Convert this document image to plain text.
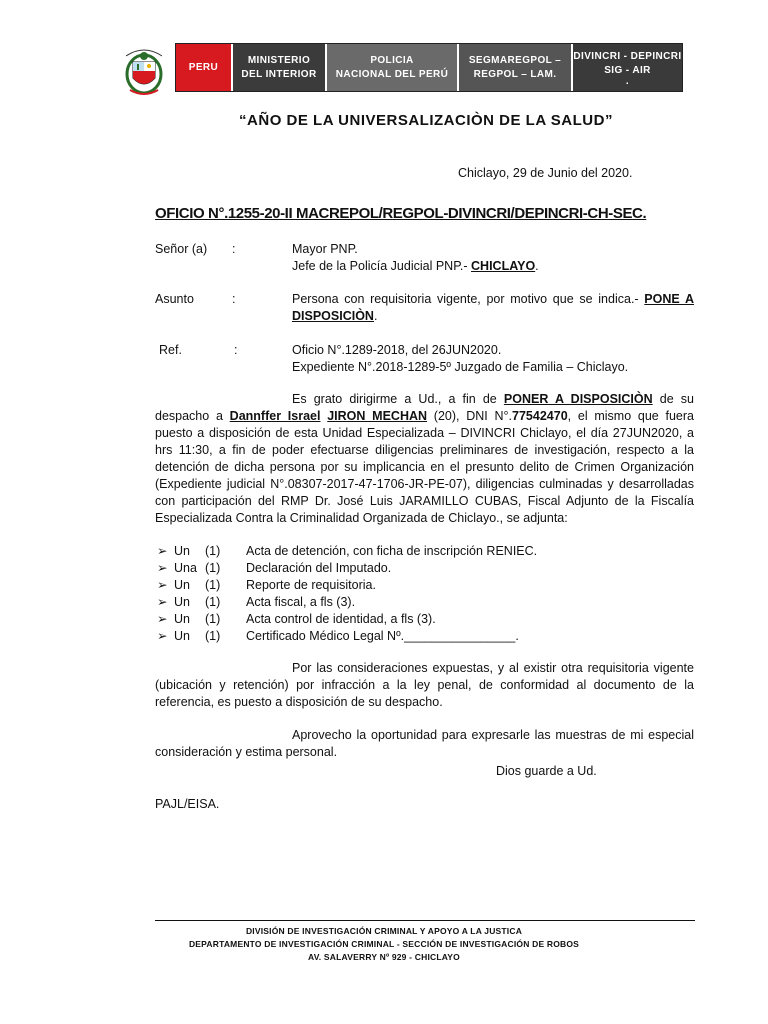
PERU
MINISTERIO
DEL INTERIOR
POLICIA
NACIONAL DEL PERÚ
SEGMAREGPOL –
REGPOL – LAM.
DIVINCRI - DEPINCRI
SIG - AIR
.
“AÑO DE LA UNIVERSALIZACIÒN DE LA SALUD”
Chiclayo, 29 de Junio del 2020.
OFICIO N°.1255-20-II MACREPOL/REGPOL-DIVINCRI/DEPINCRI-CH-SEC.
Señor (a) :	Mayor PNP.
Jefe de la Policía Judicial PNP.- CHICLAYO.
Asunto	:	Persona con requisitoria vigente, por motivo que se indica.- PONE A DISPOSICIÒN.
Ref.	:	Oficio N°.1289-2018, del 26JUN2020.
Expediente N°.2018-1289-5º Juzgado de Familia – Chiclayo.
Es grato dirigirme a Ud., a fin de PONER A DISPOSICIÒN de su despacho a Dannffer Israel JIRON MECHAN (20), DNI N°.77542470, el mismo que fuera puesto a disposición de esta Unidad Especializada – DIVINCRI Chiclayo, el día 27JUN2020, a hrs 11:30, a fin de poder efectuarse diligencias preliminares de investigación, respecto a la detención de dicha persona por su implicancia en el presunto delito de Crimen Organización (Expediente judicial N°.08307-2017-47-1706-JR-PE-07), diligencias culminadas y desarrolladas con participación del RMP Dr. José Luis JARAMILLO CUBAS, Fiscal Adjunto de la Fiscalía Especializada Contra la Criminalidad Organizada de Chiclayo., se adjunta:
➢ Un (1) Acta de detención, con ficha de inscripción RENIEC.
➢ Una (1) Declaración del Imputado.
➢ Un (1) Reporte de requisitoria.
➢ Un (1) Acta fiscal, a fls (3).
➢ Un (1) Acta control de identidad, a fls (3).
➢ Un (1) Certificado Médico Legal Nº.________________.
Por las consideraciones expuestas, y al existir otra requisitoria vigente (ubicación y retención) por infracción a la ley penal, de conformidad al documento de la referencia, es puesto a disposición de su despacho.
Aprovecho la oportunidad para expresarle las muestras de mi especial consideración y estima personal.
Dios guarde a Ud.
PAJL/EISA.
DIVISIÓN DE INVESTIGACIÓN CRIMINAL Y APOYO A LA JUSTICA
DEPARTAMENTO DE INVESTIGACIÓN CRIMINAL - SECCIÓN DE INVESTIGACIÓN DE ROBOS
AV. SALAVERRY Nº 929 - CHICLAYO
